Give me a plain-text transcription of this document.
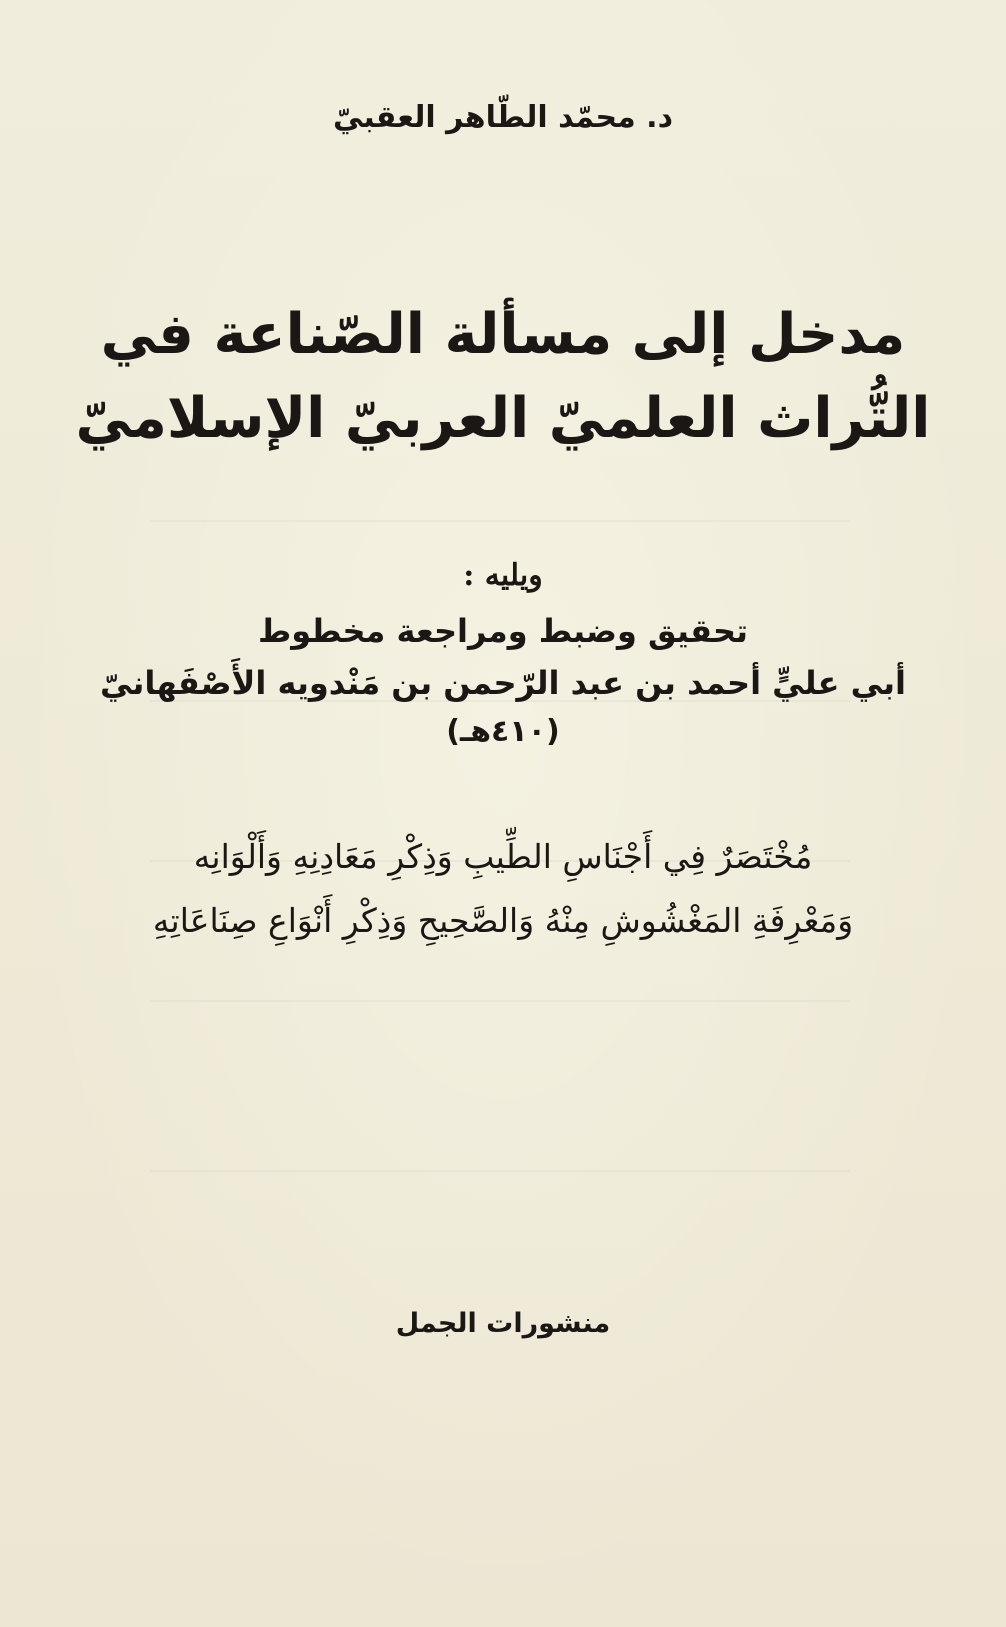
د. محمّد الطّاهر العقبيّ
مدخل إلى مسألة الصّناعة في
التُّراث العلميّ العربيّ الإسلاميّ
ويليه :
تحقيق وضبط ومراجعة مخطوط
أبي عليٍّ أحمد بن عبد الرّحمن بن مَنْدويه الأَصْفَهانيّ
(٤١٠هـ)
مُخْتَصَرٌ فِي أَجْنَاسِ الطِّيبِ وَذِكْرِ مَعَادِنِهِ وَأَلْوَانِه
وَمَعْرِفَةِ المَغْشُوشِ مِنْهُ وَالصَّحِيحِ وَذِكْرِ أَنْوَاعِ صِنَاعَاتِهِ
منشورات الجمل
